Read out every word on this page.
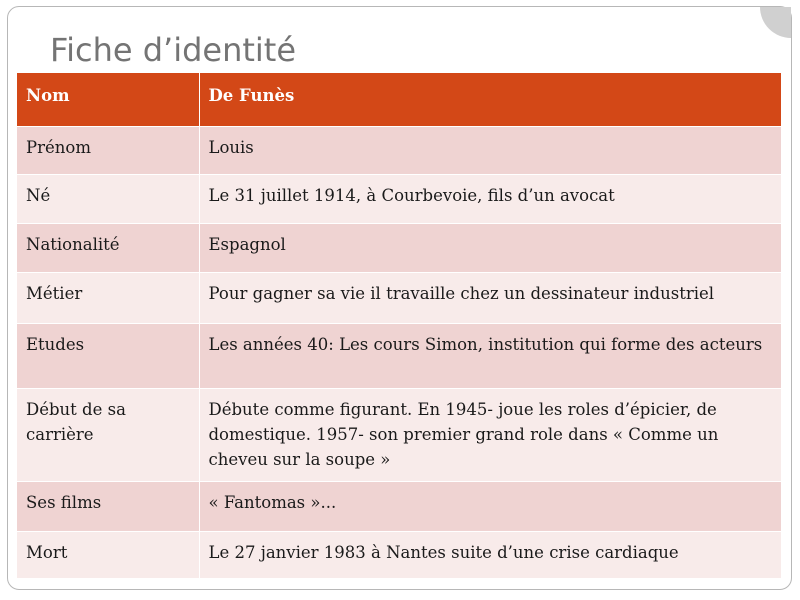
Fiche d’identité
Nom	De Funès
Prénom	Louis
Né	Le 31 juillet 1914, à Courbevoie, fils d’un avocat
Nationalité	Espagnol
Métier	Pour gagner sa vie il travaille chez un dessinateur industriel
Etudes	Les années 40: Les cours Simon, institution qui forme des acteurs
Début de sa carrière	Débute comme figurant. En 1945- joue les roles d’épicier, de domestique. 1957- son premier grand role dans « Comme un cheveu sur la soupe »
Ses films	« Fantomas »...
Mort	Le 27 janvier 1983 à Nantes suite d’une crise cardiaque
